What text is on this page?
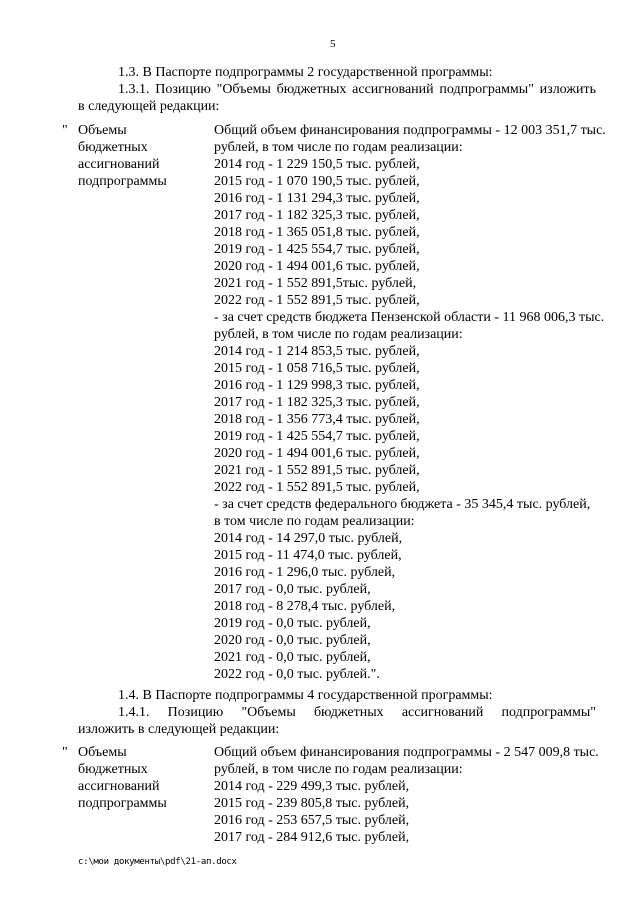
5
1.3. В Паспорте подпрограммы 2 государственной программы:
1.3.1. Позицию "Объемы бюджетных ассигнований подпрограммы" изложить
в следующей редакции:
" Объемы
бюджетных
ассигнований
подпрограммы
Общий объем финансирования подпрограммы - 12 003 351,7 тыс.
рублей, в том числе по годам реализации:
2014 год - 1 229 150,5 тыс. рублей,
2015 год - 1 070 190,5 тыс. рублей,
2016 год - 1 131 294,3 тыс. рублей,
2017 год - 1 182 325,3 тыс. рублей,
2018 год - 1 365 051,8 тыс. рублей,
2019 год - 1 425 554,7 тыс. рублей,
2020 год - 1 494 001,6 тыс. рублей,
2021 год - 1 552 891,5тыс. рублей,
2022 год - 1 552 891,5 тыс. рублей,
- за счет средств бюджета Пензенской области - 11 968 006,3 тыс.
рублей, в том числе по годам реализации:
2014 год - 1 214 853,5 тыс. рублей,
2015 год - 1 058 716,5 тыс. рублей,
2016 год - 1 129 998,3 тыс. рублей,
2017 год - 1 182 325,3 тыс. рублей,
2018 год - 1 356 773,4 тыс. рублей,
2019 год - 1 425 554,7 тыс. рублей,
2020 год - 1 494 001,6 тыс. рублей,
2021 год - 1 552 891,5 тыс. рублей,
2022 год - 1 552 891,5 тыс. рублей,
- за счет средств федерального бюджета - 35 345,4 тыс. рублей,
в том числе по годам реализации:
2014 год - 14 297,0 тыс. рублей,
2015 год - 11 474,0 тыс. рублей,
2016 год - 1 296,0 тыс. рублей,
2017 год - 0,0 тыс. рублей,
2018 год - 8 278,4 тыс. рублей,
2019 год - 0,0 тыс. рублей,
2020 год - 0,0 тыс. рублей,
2021 год - 0,0 тыс. рублей,
2022 год - 0,0 тыс. рублей.".
1.4. В Паспорте подпрограммы 4 государственной программы:
1.4.1. Позицию "Объемы бюджетных ассигнований подпрограммы"
изложить в следующей редакции:
" Объемы
бюджетных
ассигнований
подпрограммы
Общий объем финансирования подпрограммы - 2 547 009,8 тыс.
рублей, в том числе по годам реализации:
2014 год - 229 499,3 тыс. рублей,
2015 год - 239 805,8 тыс. рублей,
2016 год - 253 657,5 тыс. рублей,
2017 год - 284 912,6 тыс. рублей,
c:\мои документы\pdf\21-ап.docx
